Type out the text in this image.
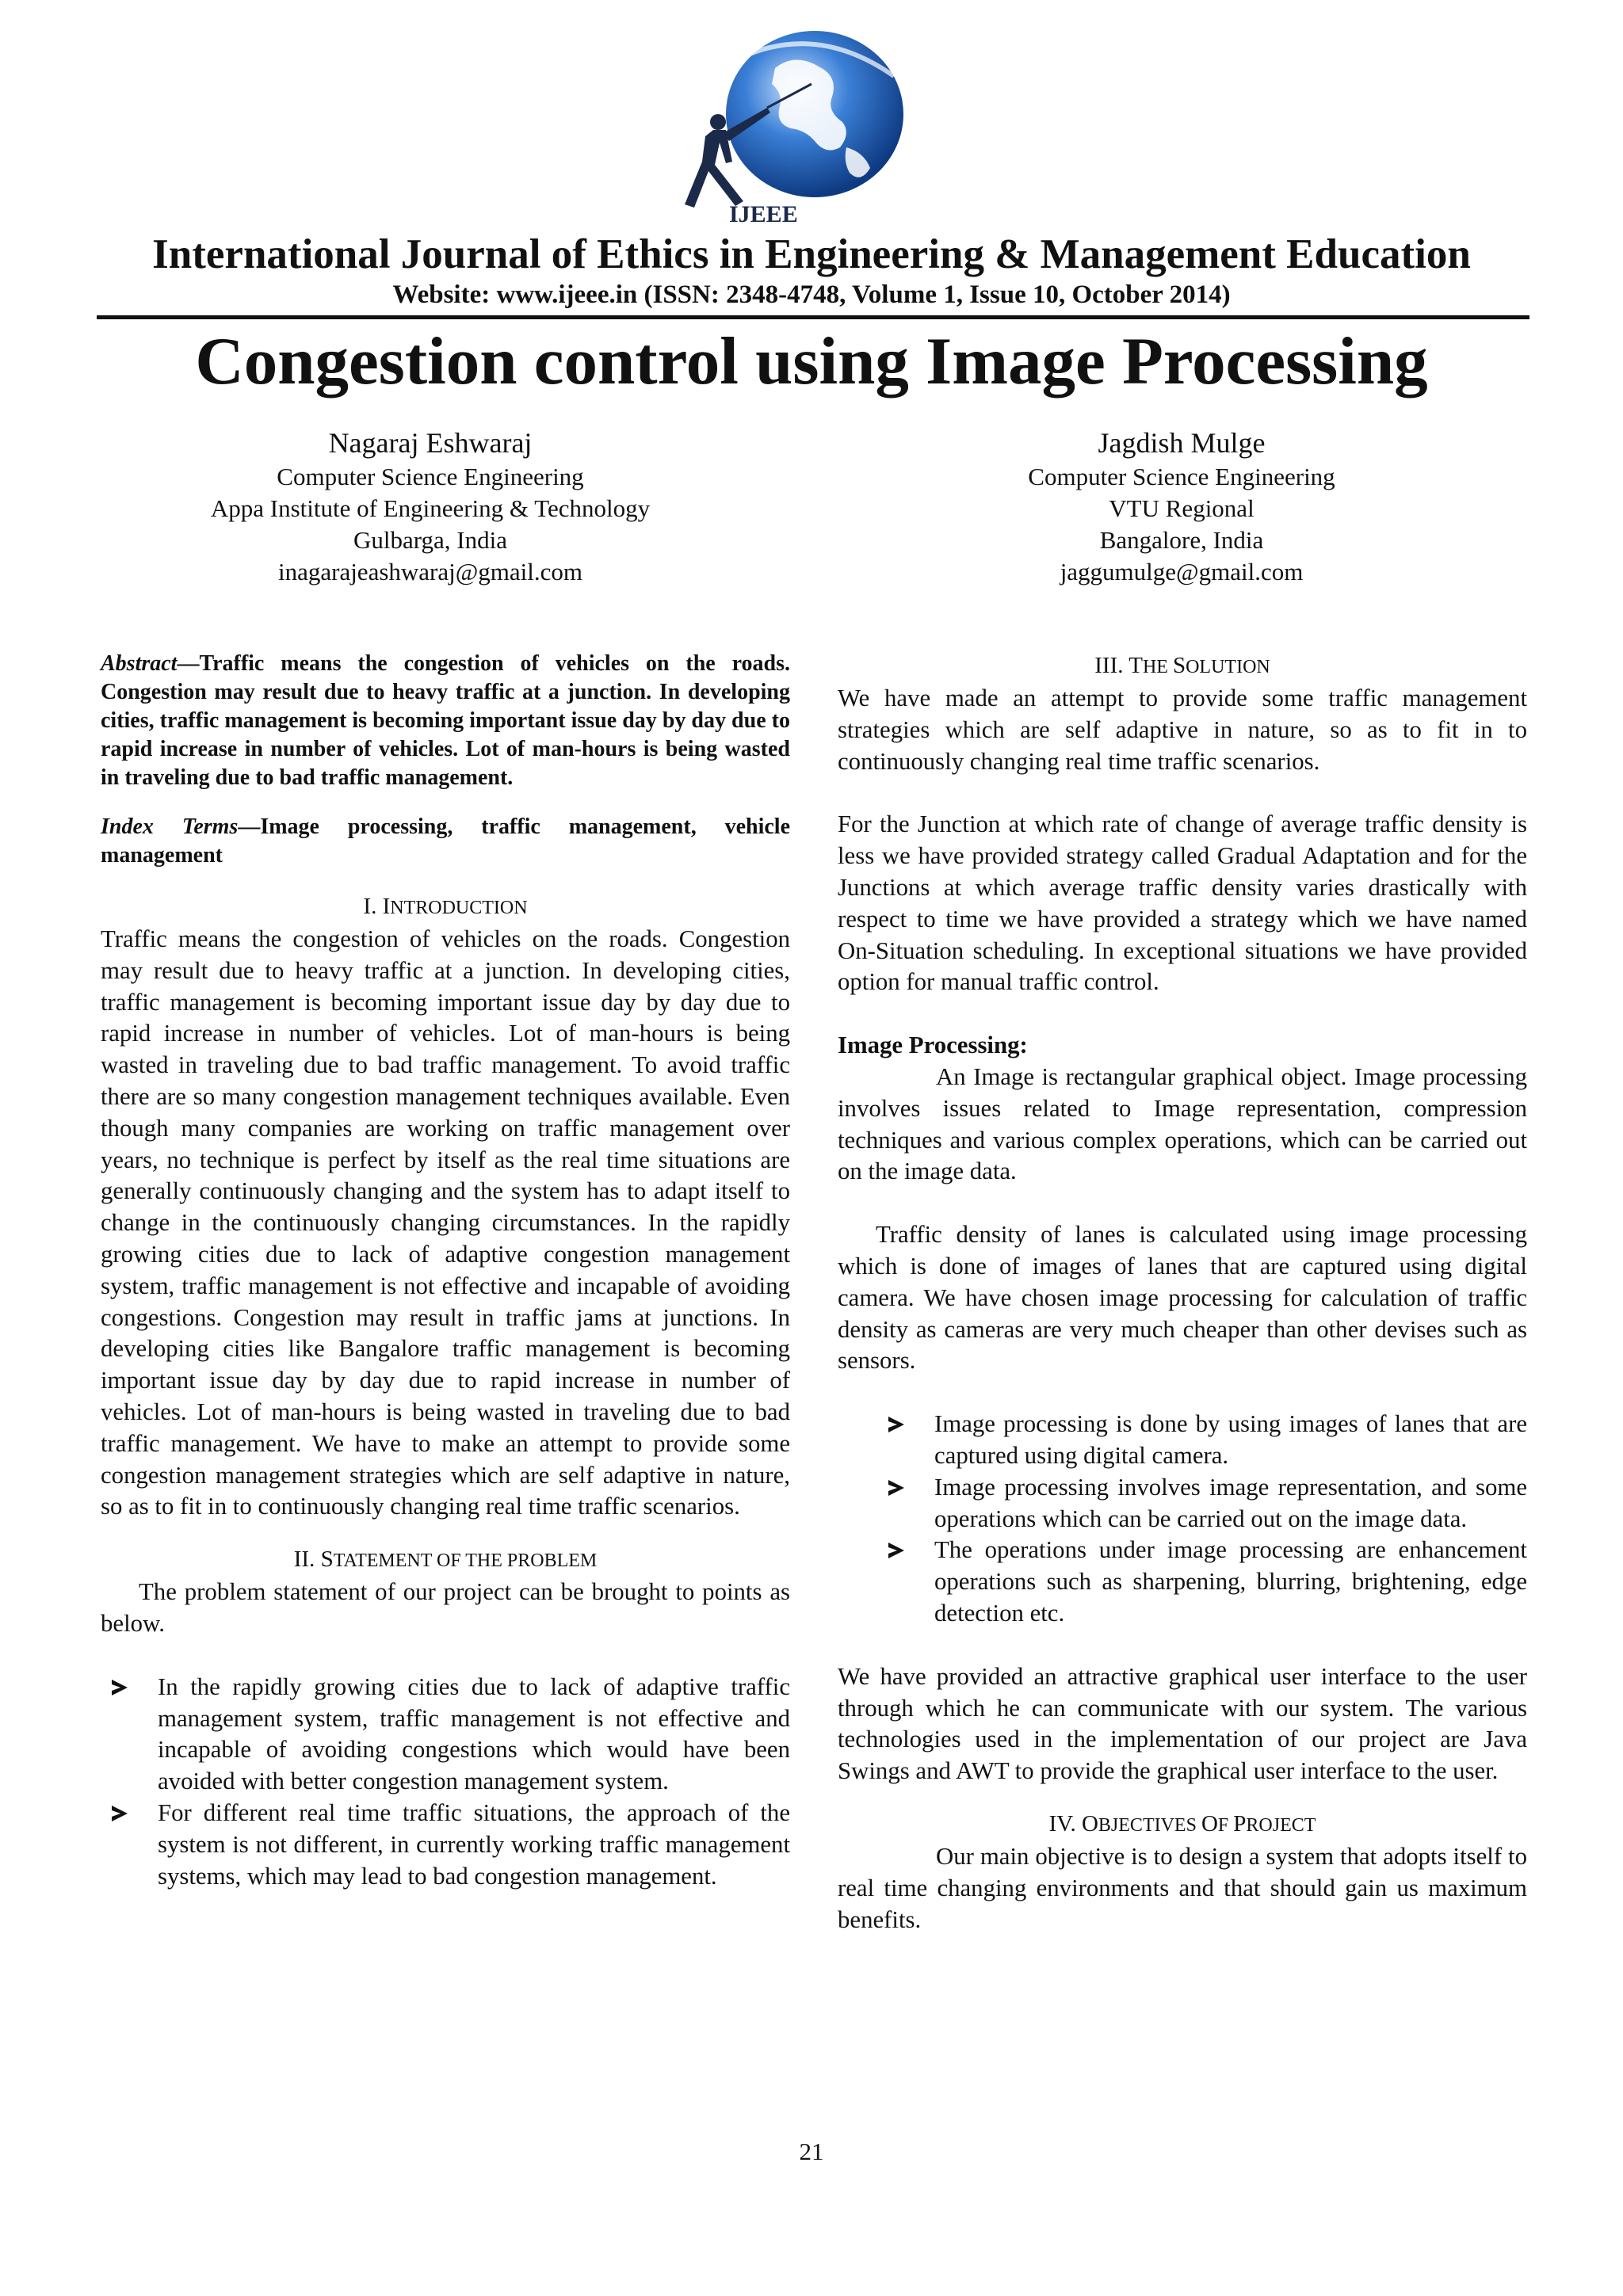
IJEEE
International Journal of Ethics in Engineering & Management Education
Website: www.ijeee.in (ISSN: 2348-4748, Volume 1, Issue 10, October 2014)
Congestion control using Image Processing
Nagaraj Eshwaraj
Computer Science Engineering
Appa Institute of Engineering & Technology
Gulbarga, India
inagarajeashwaraj@gmail.com
Jagdish Mulge
Computer Science Engineering
VTU Regional
Bangalore, India
jaggumulge@gmail.com

Abstract—Traffic means the congestion of vehicles on the roads. Congestion may result due to heavy traffic at a junction. In developing cities, traffic management is becoming important issue day by day due to rapid increase in number of vehicles. Lot of man-hours is being wasted in traveling due to bad traffic management.

Index Terms—Image processing, traffic management, vehicle management

I. INTRODUCTION

Traffic means the congestion of vehicles on the roads. Congestion may result due to heavy traffic at a junction. In developing cities, traffic management is becoming important issue day by day due to rapid increase in number of vehicles. Lot of man-hours is being wasted in traveling due to bad traffic management. To avoid traffic there are so many congestion management techniques available. Even though many companies are working on traffic management over years, no technique is perfect by itself as the real time situations are generally continuously changing and the system has to adapt itself to change in the continuously changing circumstances. In the rapidly growing cities due to lack of adaptive congestion management system, traffic management is not effective and incapable of avoiding congestions. Congestion may result in traffic jams at junctions. In developing cities like Bangalore traffic management is becoming important issue day by day due to rapid increase in number of vehicles. Lot of man-hours is being wasted in traveling due to bad traffic management. We have to make an attempt to provide some congestion management strategies which are self adaptive in nature, so as to fit in to continuously changing real time traffic scenarios.

II. STATEMENT OF THE PROBLEM

The problem statement of our project can be brought to points as below.

In the rapidly growing cities due to lack of adaptive traffic management system, traffic management is not effective and incapable of avoiding congestions which would have been avoided with better congestion management system.
For different real time traffic situations, the approach of the system is not different, in currently working traffic management systems, which may lead to bad congestion management.
III. THE SOLUTION

We have made an attempt to provide some traffic management strategies which are self adaptive in nature, so as to fit in to continuously changing real time traffic scenarios.

For the Junction at which rate of change of average traffic density is less we have provided strategy called Gradual Adaptation and for the Junctions at which average traffic density varies drastically with respect to time we have provided a strategy which we have named On-Situation scheduling. In exceptional situations we have provided option for manual traffic control.

Image Processing:

An Image is rectangular graphical object. Image processing involves issues related to Image representation, compression techniques and various complex operations, which can be carried out on the image data.

Traffic density of lanes is calculated using image processing which is done of images of lanes that are captured using digital camera. We have chosen image processing for calculation of traffic density as cameras are very much cheaper than other devises such as sensors.

Image processing is done by using images of lanes that are captured using digital camera.
Image processing involves image representation, and some operations which can be carried out on the image data.
The operations under image processing are enhancement operations such as sharpening, blurring, brightening, edge detection etc.

We have provided an attractive graphical user interface to the user through which he can communicate with our system. The various technologies used in the implementation of our project are Java Swings and AWT to provide the graphical user interface to the user.

IV. OBJECTIVES OF PROJECT

Our main objective is to design a system that adopts itself to real time changing environments and that should gain us maximum benefits.

21
